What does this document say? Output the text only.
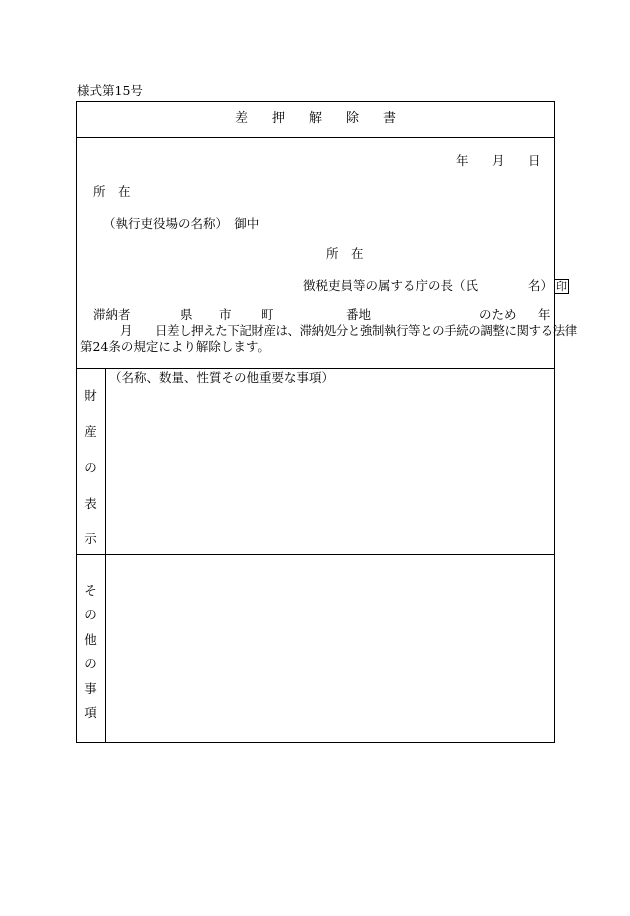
様式第15号
差 押 解 除 書
年 月 日
所　在
（執行吏役場の名称）　御中
所　在
徴税吏員等の属する庁の長（氏　　　　名） 印
滞納者	県 市 町	番地	のため 年
月 日差し押えた下記財産は、滞納処分と強制執行等との手続の調整に関する法律
第24条の規定により解除します。
財
産
の
表
示
（名称、数量、性質その他重要な事項）
そ
の
他
の
事
項
